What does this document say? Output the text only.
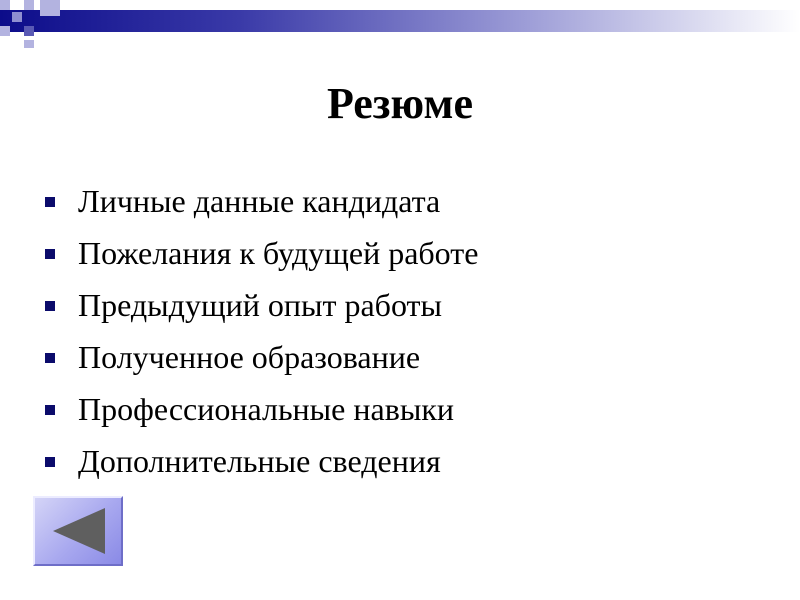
Резюме
Личные данные кандидата
Пожелания к будущей работе
Предыдущий опыт работы
Полученное образование
Профессиональные навыки
Дополнительные сведения
